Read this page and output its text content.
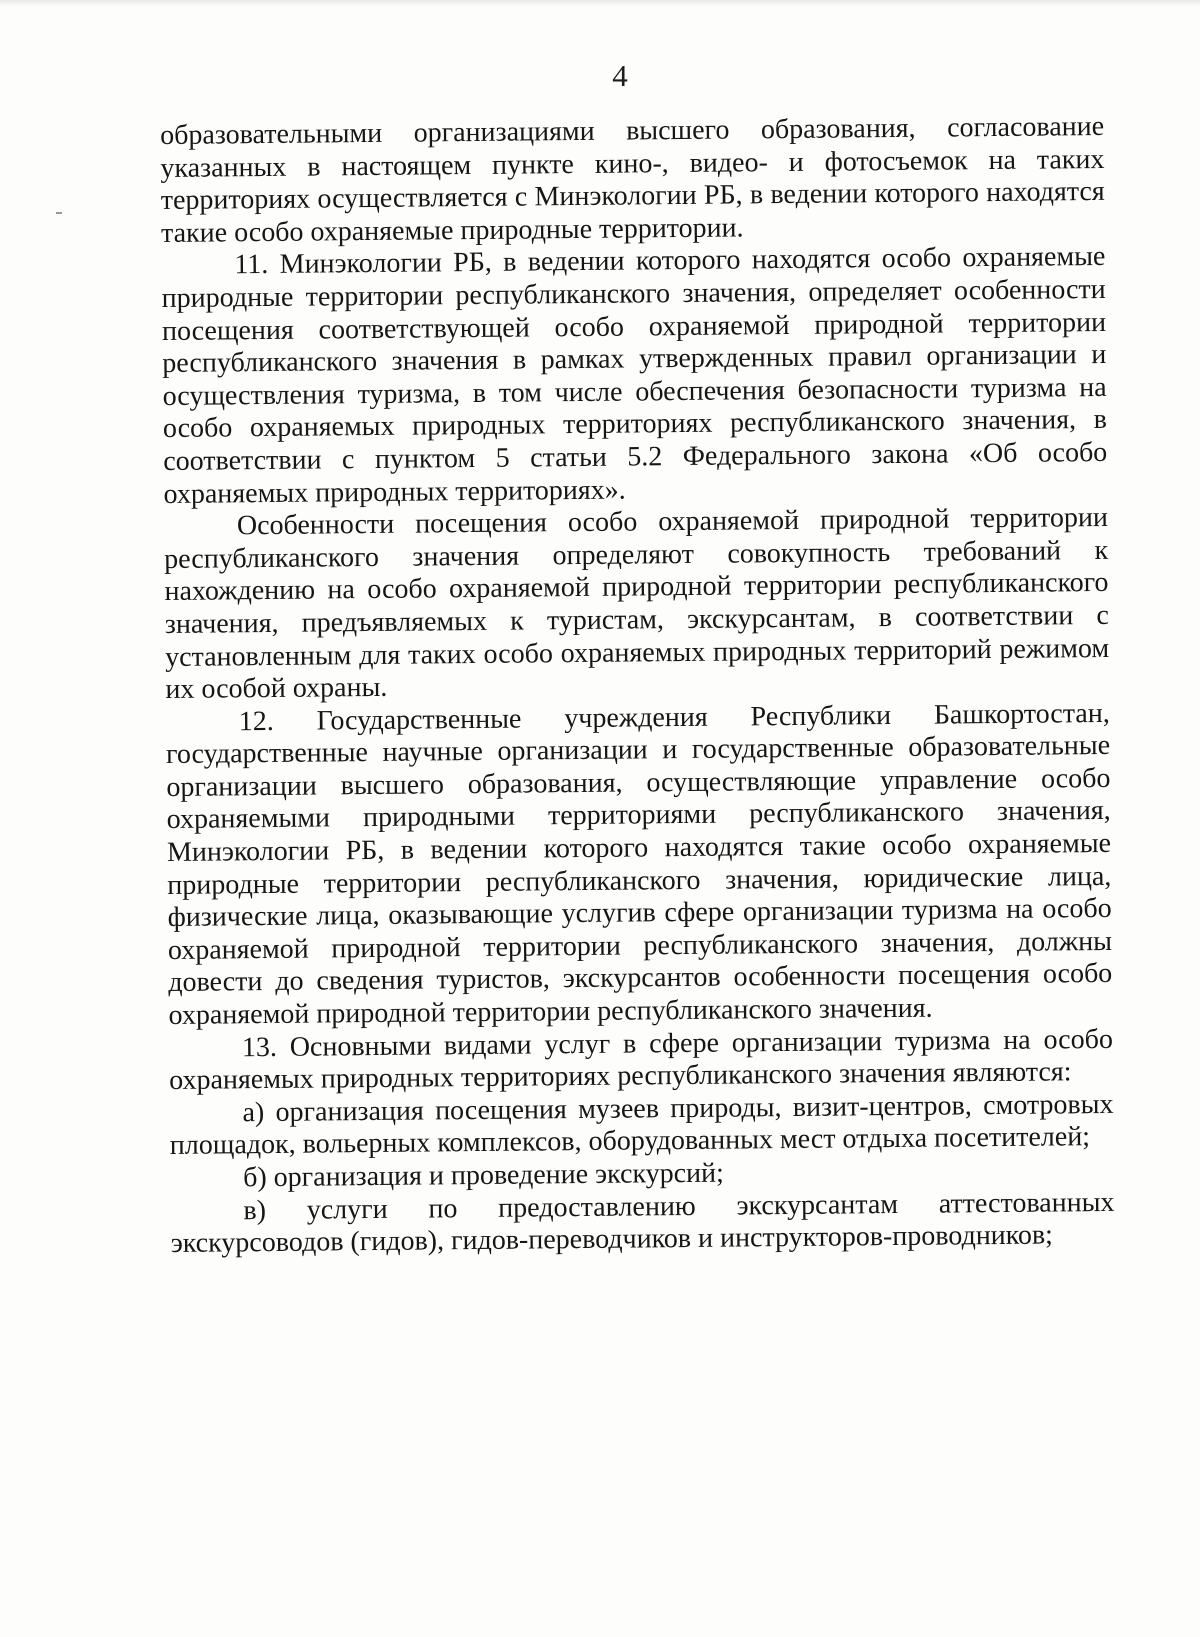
4

образовательными организациями высшего образования, согласование указанных в настоящем пункте кино-, видео- и фотосъемок на таких территориях осуществляется с Минэкологии РБ, в ведении которого находятся такие особо охраняемые природные территории.

11. Минэкологии РБ, в ведении которого находятся особо охраняемые природные территории республиканского значения, определяет особенности посещения соответствующей особо охраняемой природной территории республиканского значения в рамках утвержденных правил организации и осуществления туризма, в том числе обеспечения безопасности туризма на особо охраняемых природных территориях республиканского значения, в соответствии с пунктом 5 статьи 5.2 Федерального закона «Об особо охраняемых природных территориях».

Особенности посещения особо охраняемой природной территории республиканского значения определяют совокупность требований к нахождению на особо охраняемой природной территории республиканского значения, предъявляемых к туристам, экскурсантам, в соответствии с установленным для таких особо охраняемых природных территорий режимом их особой охраны.

12. Государственные учреждения Республики Башкортостан, государственные научные организации и государственные образовательные организации высшего образования, осуществляющие управление особо охраняемыми природными территориями республиканского значения, Минэкологии РБ, в ведении которого находятся такие особо охраняемые природные территории республиканского значения, юридические лица, физические лица, оказывающие услугив сфере организации туризма на особо охраняемой природной территории республиканского значения, должны довести до сведения туристов, экскурсантов особенности посещения особо охраняемой природной территории республиканского значения.

13. Основными видами услуг в сфере организации туризма на особо охраняемых природных территориях республиканского значения являются:

а) организация посещения музеев природы, визит-центров, смотровых площадок, вольерных комплексов, оборудованных мест отдыха посетителей;

б) организация и проведение экскурсий;

в) услуги по предоставлению экскурсантам аттестованных экскурсоводов (гидов), гидов-переводчиков и инструкторов-проводников;
